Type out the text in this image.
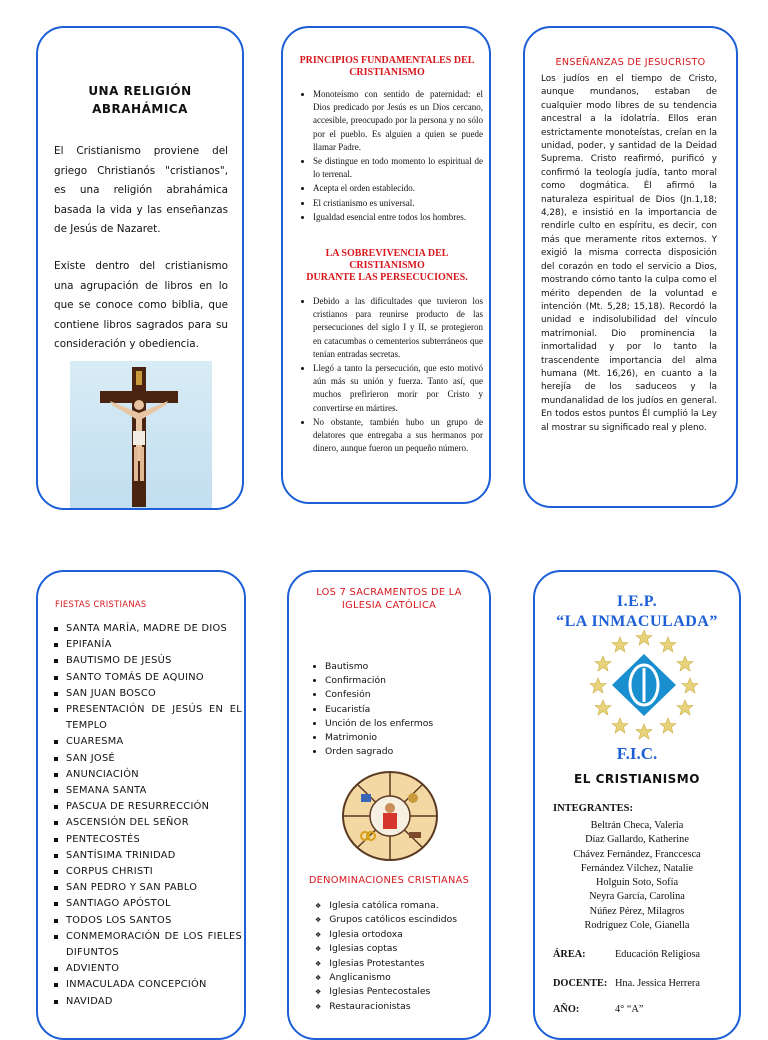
UNA RELIGIÓN
ABRAHÁMICA
El Cristianismo proviene del griego Christianós "cristianos", es una religión abrahámica basada la vida y las enseñanzas de Jesús de Nazaret.
Existe dentro del cristianismo una agrupación de libros en lo que se conoce como biblia, que contiene libros sagrados para su consideración y obediencia.
PRINCIPIOS FUNDAMENTALES DEL CRISTIANISMO
• Monoteísmo con sentido de paternidad: el Dios predicado por Jesús es un Dios cercano, accesible, preocupado por la persona y no sólo por el pueblo. Es alguien a quien se puede llamar Padre.
• Se distingue en todo momento lo espiritual de lo terrenal.
• Acepta el orden establecido.
• El cristianismo es universal.
• Igualdad esencial entre todos los hombres.
LA SOBREVIVENCIA DEL
CRISTIANISMO
DURANTE LAS PERSECUCIONES.
• Debido a las dificultades que tuvieron los cristianos para reunirse producto de las persecuciones del siglo I y II, se protegieron en catacumbas o cementerios subterráneos que tenían entradas secretas.
• Llegó a tanto la persecución, que esto motivó aún más su unión y fuerza. Tanto así, que muchos prefirieron morir por Cristo y convertirse en mártires.
• No obstante, también hubo un grupo de delatores que entregaba a sus hermanos por dinero, aunque fueron un pequeño número.
ENSEÑANZAS DE JESUCRISTO
Los judíos en el tiempo de Cristo, aunque mundanos, estaban de cualquier modo libres de su tendencia ancestral a la idolatría. Ellos eran estrictamente monoteístas, creían en la unidad, poder, y santidad de la Deidad Suprema. Cristo reafirmó, purificó y confirmó la teología judía, tanto moral como dogmática. Él afirmó la naturaleza espiritual de Dios (Jn.1,18; 4,28), e insistió en la importancia de rendirle culto en espíritu, es decir, con más que meramente ritos externos. Y exigió la misma correcta disposición del corazón en todo el servicio a Dios, mostrando cómo tanto la culpa como el mérito dependen de la voluntad e intención (Mt. 5,28; 15,18). Recordó la unidad e indisolubilidad del vínculo matrimonial. Dio prominencia la inmortalidad y por lo tanto la trascendente importancia del alma humana (Mt. 16,26), en cuanto a la herejía de los saduceos y la mundanalidad de los judíos en general. En todos estos puntos Él cumplió la Ley al mostrar su significado real y pleno.
FIESTAS CRISTIANAS
SANTA MARÍA, MADRE DE DIOS
EPIFANÍA
BAUTISMO DE JESÚS
SANTO TOMÁS DE AQUINO
SAN JUAN BOSCO
PRESENTACIÓN DE JESÚS EN EL TEMPLO
CUARESMA
SAN JOSÉ
ANUNCIACIÓN
SEMANA SANTA
PASCUA DE RESURRECCIÓN
ASCENSIÓN DEL SEÑOR
PENTECOSTÉS
SANTÍSIMA TRINIDAD
CORPUS CHRISTI
SAN PEDRO Y SAN PABLO
SANTIAGO APÓSTOL
TODOS LOS SANTOS
CONMEMORACIÓN DE LOS FIELES DIFUNTOS
ADVIENTO
INMACULADA CONCEPCIÓN
NAVIDAD
LOS 7 SACRAMENTOS DE LA
IGLESIA CATÓLICA
• Bautismo
• Confirmación
• Confesión
• Eucaristía
• Unción de los enfermos
• Matrimonio
• Orden sagrado
DENOMINACIONES CRISTIANAS
❖ Iglesia católica romana.
❖ Grupos católicos escindidos
❖ Iglesia ortodoxa
❖ Iglesias coptas
❖ Iglesias Protestantes
❖ Anglicanismo
❖ Iglesias Pentecostales
❖ Restauracionistas
I.E.P.
“LA INMACULADA”
F.I.C.
EL CRISTIANISMO
INTEGRANTES:
Beltrán Checa, Valeria
Díaz Gallardo, Katherine
Chávez Fernández, Franccesca
Fernández Vílchez, Natalie
Holguín Soto, Sofía
Neyra García, Carolina
Núñez Pérez, Milagros
Rodríguez Cole, Gianella
ÁREA:	Educación Religiosa
DOCENTE: Hna. Jessica Herrera
AÑO:	4° “A”
